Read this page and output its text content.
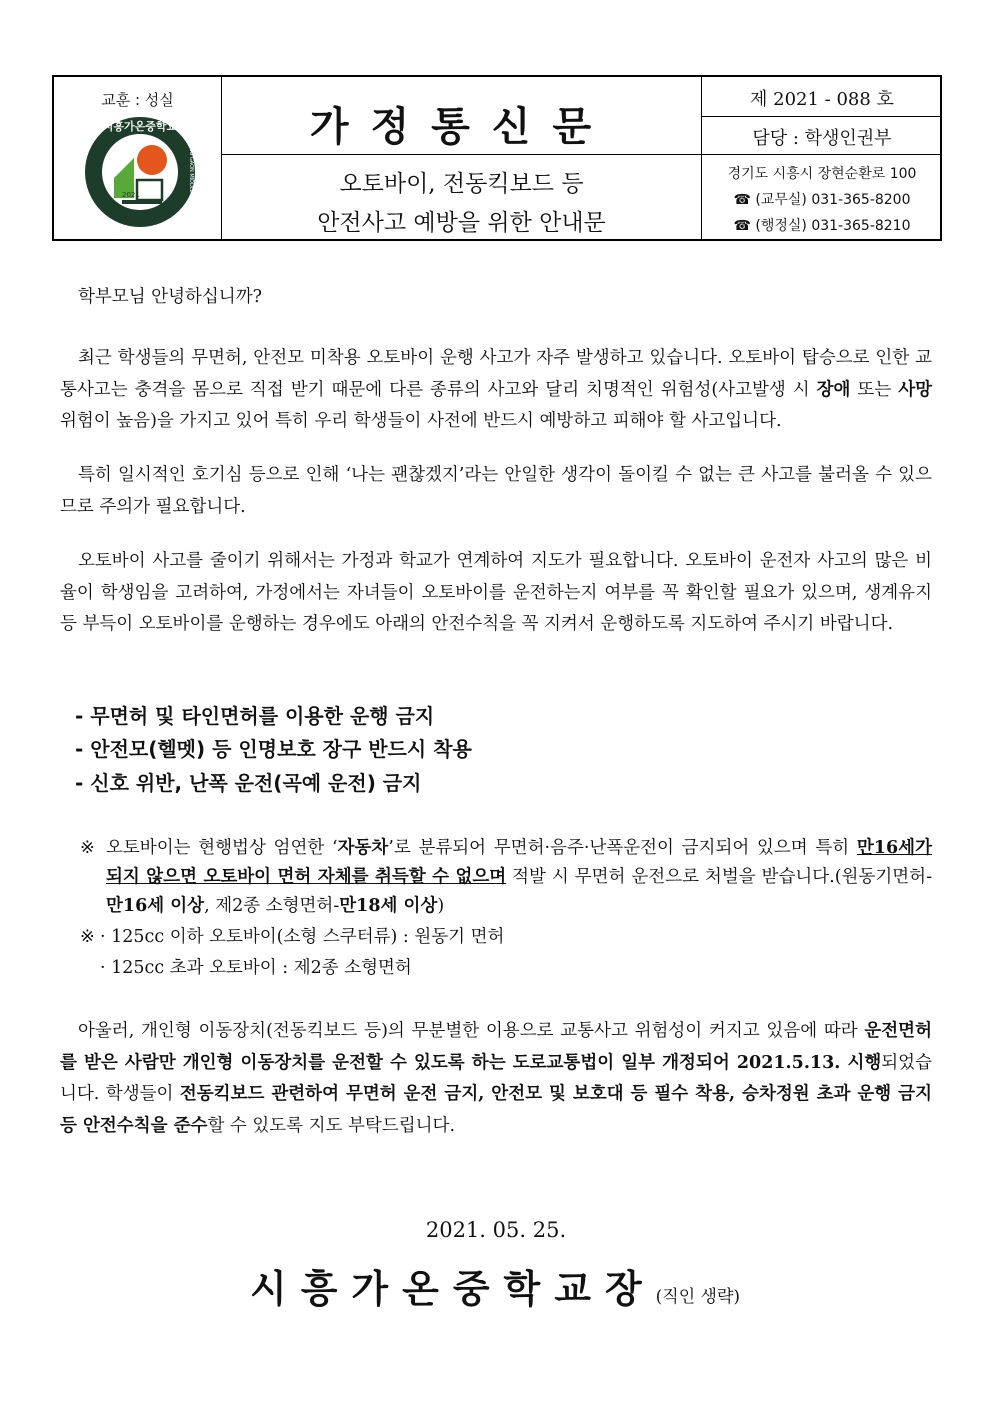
교훈 : 성실
시흥가온중학교
2021	SIHEUNG GAON MIDDLE SCHOOL
가정통신문
오토바이, 전동킥보드 등
안전사고 예방을 위한 안내문
제 2021 - 088 호
담당 : 학생인권부
경기도 시흥시 장현순환로 100
☎ (교무실) 031-365-8200
☎ (행정실) 031-365-8210

학부모님 안녕하십니까?

최근 학생들의 무면허, 안전모 미착용 오토바이 운행 사고가 자주 발생하고 있습니다. 오토바이 탑승으로 인한 교통사고는 충격을 몸으로 직접 받기 때문에 다른 종류의 사고와 달리 치명적인 위험성(사고발생 시 장애 또는 사망 위험이 높음)을 가지고 있어 특히 우리 학생들이 사전에 반드시 예방하고 피해야 할 사고입니다.

특히 일시적인 호기심 등으로 인해 ‘나는 괜찮겠지’라는 안일한 생각이 돌이킬 수 없는 큰 사고를 불러올 수 있으므로 주의가 필요합니다.

오토바이 사고를 줄이기 위해서는 가정과 학교가 연계하여 지도가 필요합니다. 오토바이 운전자 사고의 많은 비율이 학생임을 고려하여, 가정에서는 자녀들이 오토바이를 운전하는지 여부를 꼭 확인할 필요가 있으며, 생계유지 등 부득이 오토바이를 운행하는 경우에도 아래의 안전수칙을 꼭 지켜서 운행하도록 지도하여 주시기 바랍니다.

- 무면허 및 타인면허를 이용한 운행 금지
- 안전모(헬멧) 등 인명보호 장구 반드시 착용
- 신호 위반, 난폭 운전(곡예 운전) 금지
※ 오토바이는 현행법상 엄연한 ‘자동차’로 분류되어 무면허·음주·난폭운전이 금지되어 있으며 특히 만16세가 되지 않으면 오토바이 면허 자체를 취득할 수 없으며 적발 시 무면허 운전으로 처벌을 받습니다.(원동기면허-만16세 이상, 제2종 소형면허-만18세 이상)

※ · 125cc 이하 오토바이(소형 스쿠터류) : 원동기 면허
· 125cc 초과 오토바이 : 제2종 소형면허

아울러, 개인형 이동장치(전동킥보드 등)의 무분별한 이용으로 교통사고 위험성이 커지고 있음에 따라 운전면허를 받은 사람만 개인형 이동장치를 운전할 수 있도록 하는 도로교통법이 일부 개정되어 2021.5.13. 시행되었습니다. 학생들이 전동킥보드 관련하여 무면허 운전 금지, 안전모 및 보호대 등 필수 착용, 승차정원 초과 운행 금지 등 안전수칙을 준수할 수 있도록 지도 부탁드립니다.

2021. 05. 25.
시흥가온중학교장(직인 생략)
